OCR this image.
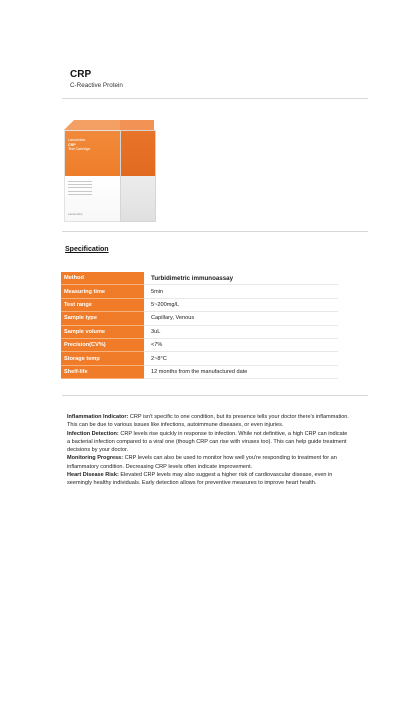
CRP
C-Reactive Protein
Lansionbio
CRP
Test Cartridge
Lansionbio
Specification
Method	Turbidimetric immunoassay
Measuring time	5min
Test range	5~200mg/L
Sample type	Capillary, Venous
Sample volume	3uL
Precision(CV%)	<7%
Storage temp	2~8°C
Shelf-life	12 months from the manufactured date

Inflammation Indicator: CRP isn't specific to one condition, but its presence tells your doctor there's inflammation. This can be due to various issues like infections, autoimmune diseases, or even injuries.

Infection Detection: CRP levels rise quickly in response to infection. While not definitive, a high CRP can indicate a bacterial infection compared to a viral one (though CRP can rise with viruses too). This can help guide treatment decisions by your doctor.

Monitoring Progress: CRP levels can also be used to monitor how well you're responding to treatment for an inflammatory condition. Decreasing CRP levels often indicate improvement.

Heart Disease Risk: Elevated CRP levels may also suggest a higher risk of cardiovascular disease, even in seemingly healthy individuals. Early detection allows for preventive measures to improve heart health.
